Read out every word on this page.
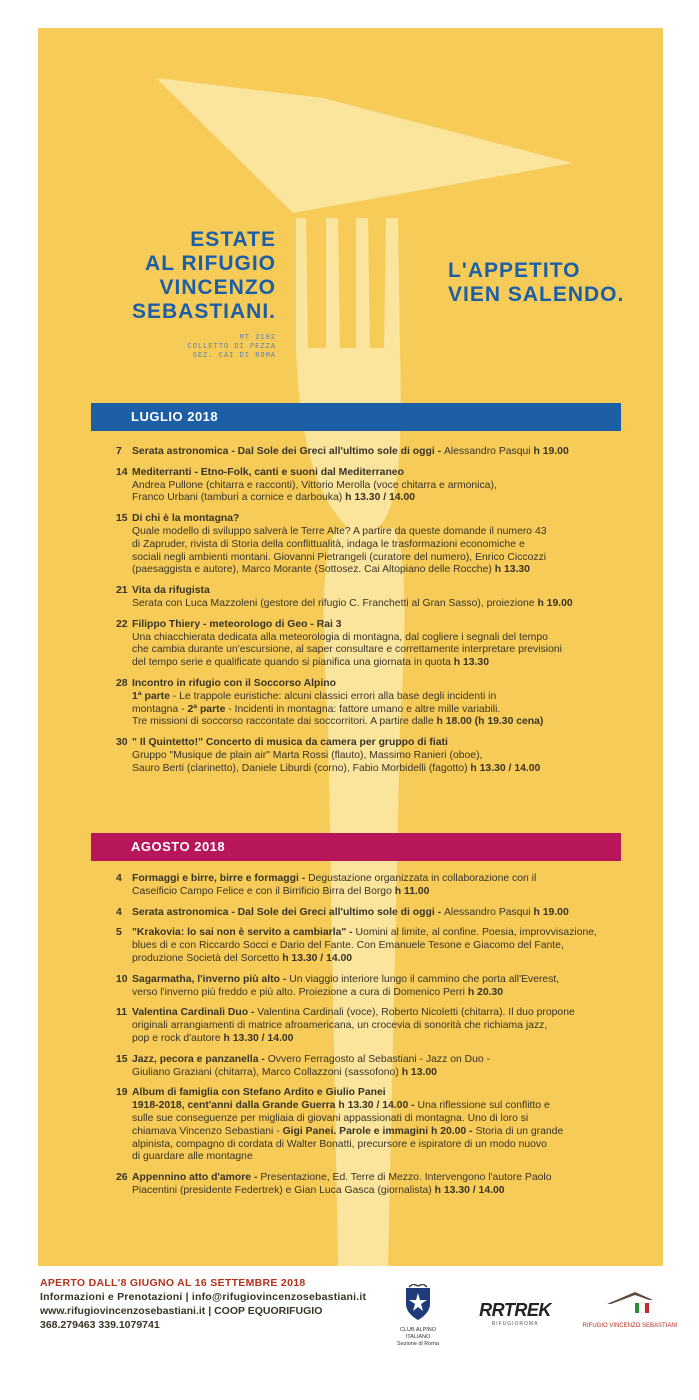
ESTATE
AL RIFUGIO
VINCENZO
SEBASTIANI.
MT 2102
COLLETTO DI PEZZA
SEZ. CAI DI ROMA
L'APPETITO
VIEN SALENDO.
LUGLIO 2018
7 Serata astronomica - Dal Sole dei Greci all'ultimo sole di oggi - Alessandro Pasqui h 19.00
14 Mediterranti - Etno-Folk, canti e suoni dal Mediterraneo
Andrea Pullone (chitarra e racconti), Vittorio Merolla (voce chitarra e armonica),
Franco Urbani (tamburi a cornice e darbouka) h 13.30 / 14.00
15 Di chi è la montagna?
Quale modello di sviluppo salverà le Terre Alte? A partire da queste domande il numero 43
di Zapruder, rivista di Storia della conflittualità, indaga le trasformazioni economiche e
sociali negli ambienti montani. Giovanni Pietrangeli (curatore del numero), Enrico Ciccozzi
(paesaggista e autore), Marco Morante (Sottosez. Cai Altopiano delle Rocche) h 13.30
21 Vita da rifugista
Serata con Luca Mazzoleni (gestore del rifugio C. Franchetti al Gran Sasso), proiezione h 19.00
22 Filippo Thiery - meteorologo di Geo - Rai 3
Una chiacchierata dedicata alla meteorologia di montagna, dal cogliere i segnali del tempo
che cambia durante un'escursione, al saper consultare e correttamente interpretare previsioni
del tempo serie e qualificate quando si pianifica una giornata in quota h 13.30
28 Incontro in rifugio con il Soccorso Alpino
1ª parte - Le trappole euristiche: alcuni classici errori alla base degli incidenti in
montagna - 2ª parte - Incidenti in montagna: fattore umano e altre mille variabili.
Tre missioni di soccorso raccontate dai soccorritori. A partire dalle h 18.00 (h 19.30 cena)
30 " Il Quintetto!" Concerto di musica da camera per gruppo di fiati
Gruppo "Musique de plain air" Marta Rossi (flauto), Massimo Ranieri (oboe),
Sauro Berti (clarinetto), Daniele Liburdi (corno), Fabio Morbidelli (fagotto) h 13.30 / 14.00
AGOSTO 2018
4 Formaggi e birre, birre e formaggi - Degustazione organizzata in collaborazione con il
Caseificio Campo Felice e con il Birrificio Birra del Borgo h 11.00
4 Serata astronomica - Dal Sole dei Greci all'ultimo sole di oggi - Alessandro Pasqui h 19.00
5 "Krakovia: lo sai non è servito a cambiarla" - Uomini al limite, al confine. Poesia, improvvisazione,
blues di e con Riccardo Socci e Dario del Fante. Con Emanuele Tesone e Giacomo del Fante,
produzione Società del Sorcetto h 13.30 / 14.00
10 Sagarmatha, l'inverno più alto - Un viaggio interiore lungo il cammino che porta all'Everest,
verso l'inverno più freddo e più alto. Proiezione a cura di Domenico Perri h 20.30
11 Valentina Cardinali Duo - Valentina Cardinali (voce), Roberto Nicoletti (chitarra). Il duo propone
originali arrangiamenti di matrice afroamericana, un crocevia di sonorità che richiama jazz,
pop e rock d'autore h 13.30 / 14.00
15 Jazz, pecora e panzanella - Ovvero Ferragosto al Sebastiani - Jazz on Duo -
Giuliano Graziani (chitarra), Marco Collazzoni (sassofono) h 13.00
19 Album di famiglia con Stefano Ardito e Giulio Panei
1918-2018, cent'anni dalla Grande Guerra h 13.30 / 14.00 - Una riflessione sul conflitto e
sulle sue conseguenze per migliaia di giovani appassionati di montagna. Uno di loro si
chiamava Vincenzo Sebastiani - Gigi Panei. Parole e immagini h 20.00 - Storia di un grande
alpinista, compagno di cordata di Walter Bonatti, precursore e ispiratore di un modo nuovo
di guardare alle montagne
26 Appennino atto d'amore - Presentazione, Ed. Terre di Mezzo. Intervengono l'autore Paolo
Piacentini (presidente Federtrek) e Gian Luca Gasca (giornalista) h 13.30 / 14.00
APERTO DALL'8 GIUGNO AL 16 SETTEMBRE 2018
Informazioni e Prenotazioni | info@rifugiovincenzosebastiani.it
www.rifugiovincenzosebastiani.it | COOP EQUORIFUGIO
368.279463 339.1079741	CLUB ALPINO ITALIANO
Sezione di Roma
RRTREK
RIFUGIOROMA	RIFUGIO VINCENZO SEBASTIANI
